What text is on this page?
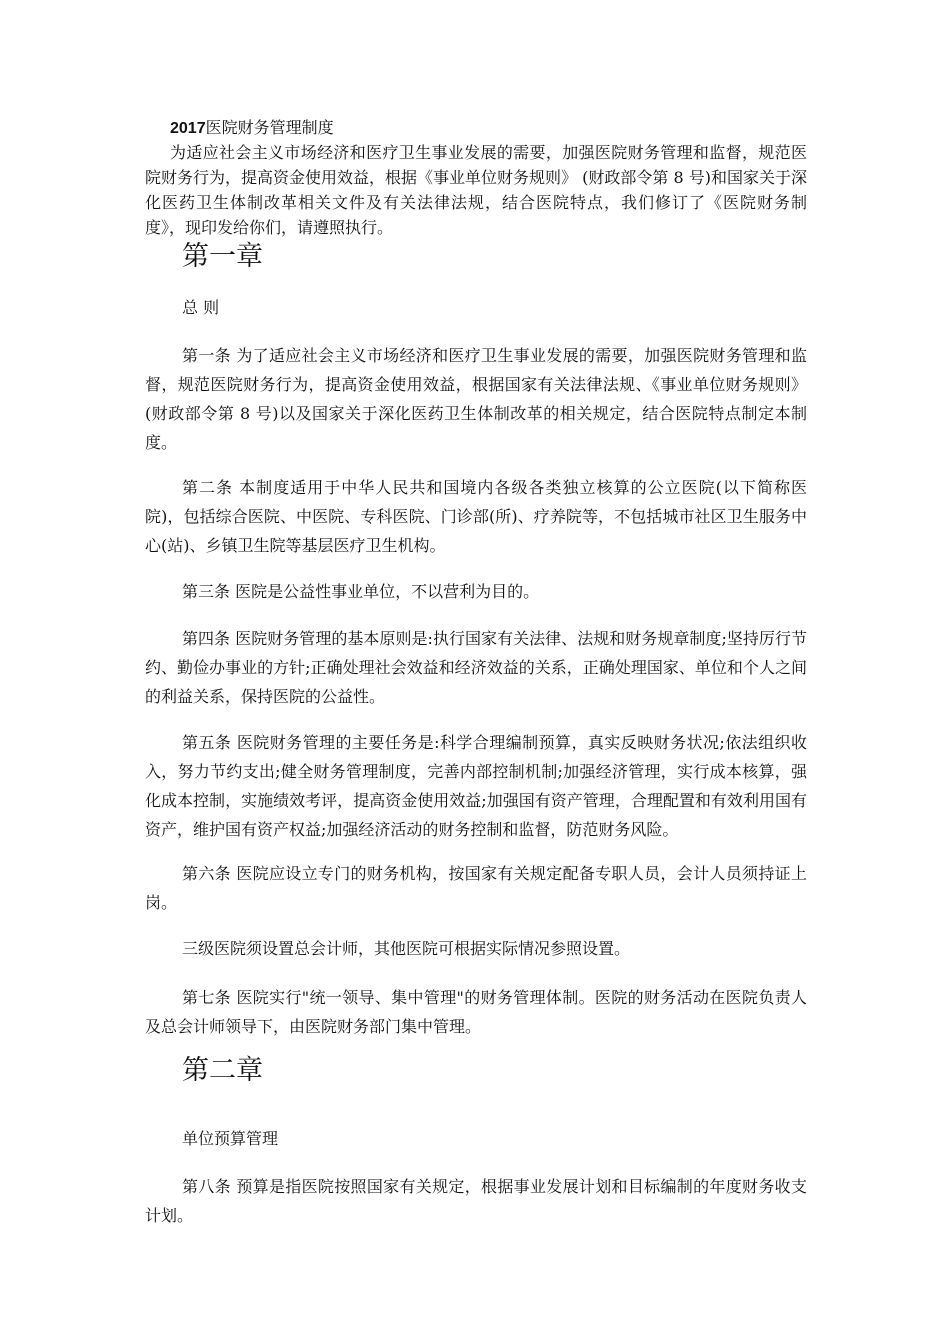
2017医院财务管理制度

为适应社会主义市场经济和医疗卫生事业发展的需要，加强医院财务管理和监督，规范医院财务行为，提高资金使用效益，根据《事业单位财务规则》 (财政部令第 8 号)和国家关于深化医药卫生体制改革相关文件及有关法律法规，结合医院特点，我们修订了《医院财务制度》，现印发给你们，请遵照执行。

第一章
总 则

第一条 为了适应社会主义市场经济和医疗卫生事业发展的需要，加强医院财务管理和监督，规范医院财务行为，提高资金使用效益，根据国家有关法律法规、《事业单位财务规则》(财政部令第 8 号)以及国家关于深化医药卫生体制改革的相关规定，结合医院特点制定本制度。

第二条 本制度适用于中华人民共和国境内各级各类独立核算的公立医院(以下简称医院)，包括综合医院、中医院、专科医院、门诊部(所)、疗养院等，不包括城市社区卫生服务中心(站)、乡镇卫生院等基层医疗卫生机构。

第三条 医院是公益性事业单位，不以营利为目的。

第四条 医院财务管理的基本原则是:执行国家有关法律、法规和财务规章制度;坚持厉行节约、勤俭办事业的方针;正确处理社会效益和经济效益的关系，正确处理国家、单位和个人之间的利益关系，保持医院的公益性。

第五条 医院财务管理的主要任务是:科学合理编制预算，真实反映财务状况;依法组织收入，努力节约支出;健全财务管理制度，完善内部控制机制;加强经济管理，实行成本核算，强化成本控制，实施绩效考评，提高资金使用效益;加强国有资产管理，合理配置和有效利用国有资产，维护国有资产权益;加强经济活动的财务控制和监督，防范财务风险。

第六条 医院应设立专门的财务机构，按国家有关规定配备专职人员，会计人员须持证上岗。

三级医院须设置总会计师，其他医院可根据实际情况参照设置。

第七条 医院实行"统一领导、集中管理"的财务管理体制。医院的财务活动在医院负责人及总会计师领导下，由医院财务部门集中管理。

第二章
单位预算管理

第八条 预算是指医院按照国家有关规定，根据事业发展计划和目标编制的年度财务收支计划。
